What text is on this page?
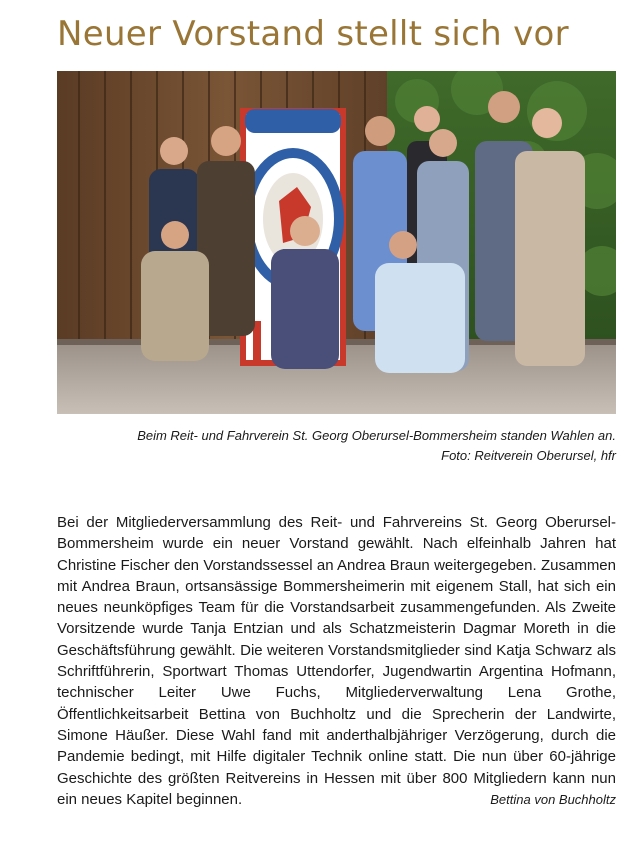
Neuer Vorstand stellt sich vor
Beim Reit- und Fahrverein St. Georg Oberursel-Bommersheim standen Wahlen an.
Foto: Reitverein Oberursel, hfr
Bei der Mitgliederversammlung des Reit- und Fahrvereins St. Georg Oberursel-Bommersheim wurde ein neuer Vorstand gewählt. Nach elfeinhalb Jahren hat Christine Fischer den Vorstandssessel an Andrea Braun weitergegeben. Zusammen mit Andrea Braun, ortsansässige Bommersheimerin mit eigenem Stall, hat sich ein neues neunköpfiges Team für die Vorstandsarbeit zusammengefunden. Als Zweite Vorsitzende wurde Tanja Entzian und als Schatzmeisterin Dagmar Moreth in die Geschäftsführung gewählt. Die weiteren Vorstandsmitglieder sind Katja Schwarz als Schriftführerin, Sportwart Thomas Uttendorfer, Jugendwartin Argentina Hofmann, technischer Leiter Uwe Fuchs, Mitgliederverwaltung Lena Grothe, Öffentlichkeitsarbeit Bettina von Buchholtz und die Sprecherin der Landwirte, Simone Häußer. Diese Wahl fand mit anderthalbjähriger Verzögerung, durch die Pandemie bedingt, mit Hilfe digitaler Technik online statt. Die nun über 60-jährige Geschichte des größten Reitvereins in Hessen mit über 800 Mitgliedern kann nun ein neues Kapitel beginnen.	Bettina von Buchholtz
